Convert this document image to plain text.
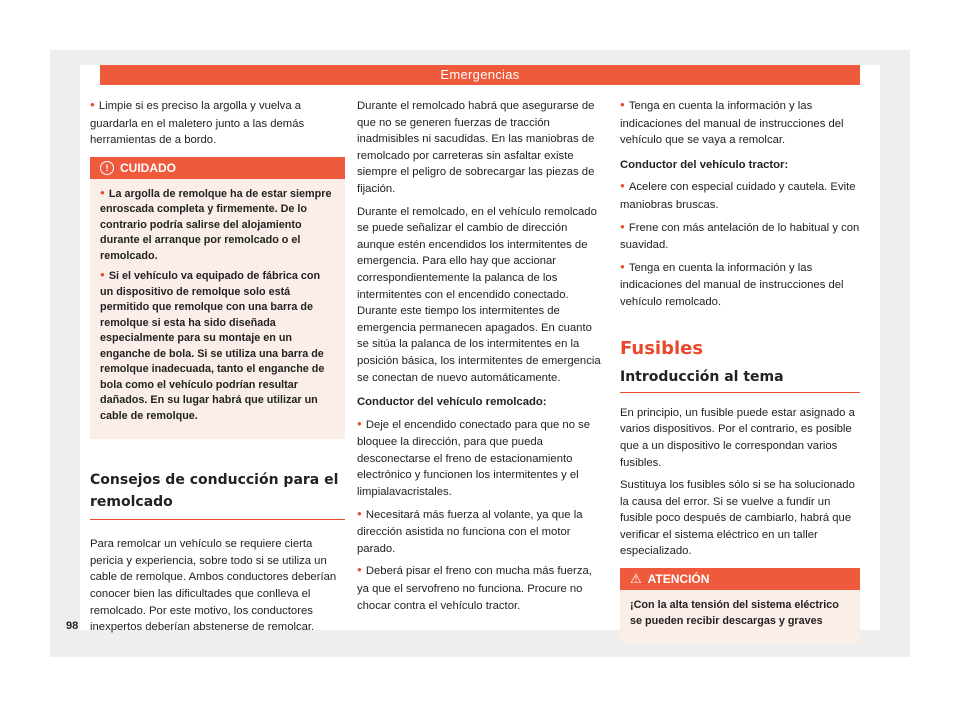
Emergencias

● Limpie si es preciso la argolla y vuelva a guardarla en el maletero junto a las demás herramientas de a bordo.

! CUIDADO

● La argolla de remolque ha de estar siempre enroscada completa y firmemente. De lo contrario podría salirse del alojamiento durante el arranque por remolcado o el remolcado.

● Si el vehículo va equipado de fábrica con un dispositivo de remolque solo está permitido que remolque con una barra de remolque si esta ha sido diseñada especialmente para su montaje en un enganche de bola. Si se utiliza una barra de remolque inadecuada, tanto el enganche de bola como el vehículo podrían resultar dañados. En su lugar habrá que utilizar un cable de remolque.

Consejos de conducción para el remolcado

Para remolcar un vehículo se requiere cierta pericia y experiencia, sobre todo si se utiliza un cable de remolque. Ambos conductores deberían conocer bien las dificultades que conlleva el remolcado. Por este motivo, los conductores inexpertos deberían abstenerse de remolcar.

Durante el remolcado habrá que asegurarse de que no se generen fuerzas de tracción inadmisibles ni sacudidas. En las maniobras de remolcado por carreteras sin asfaltar existe siempre el peligro de sobrecargar las piezas de fijación.

Durante el remolcado, en el vehículo remolcado se puede señalizar el cambio de dirección aunque estén encendidos los intermitentes de emergencia. Para ello hay que accionar correspondientemente la palanca de los intermitentes con el encendido conectado. Durante este tiempo los intermitentes de emergencia permanecen apagados. En cuanto se sitúa la palanca de los intermitentes en la posición básica, los intermitentes de emergencia se conectan de nuevo automáticamente.

Conductor del vehículo remolcado:

● Deje el encendido conectado para que no se bloquee la dirección, para que pueda desconectarse el freno de estacionamiento electrónico y funcionen los intermitentes y el limpialavacristales.

● Necesitará más fuerza al volante, ya que la dirección asistida no funciona con el motor parado.

● Deberá pisar el freno con mucha más fuerza, ya que el servofreno no funciona. Procure no chocar contra el vehículo tractor.

● Tenga en cuenta la información y las indicaciones del manual de instrucciones del vehículo que se vaya a remolcar.

Conductor del vehículo tractor:

● Acelere con especial cuidado y cautela. Evite maniobras bruscas.

● Frene con más antelación de lo habitual y con suavidad.

● Tenga en cuenta la información y las indicaciones del manual de instrucciones del vehículo remolcado.

Fusibles
Introducción al tema

En principio, un fusible puede estar asignado a varios dispositivos. Por el contrario, es posible que a un dispositivo le correspondan varios fusibles.

Sustituya los fusibles sólo si se ha solucionado la causa del error. Si se vuelve a fundir un fusible poco después de cambiarlo, habrá que verificar el sistema eléctrico en un taller especializado.

⚠ ATENCIÓN

¡Con la alta tensión del sistema eléctrico se pueden recibir descargas y graves

98
